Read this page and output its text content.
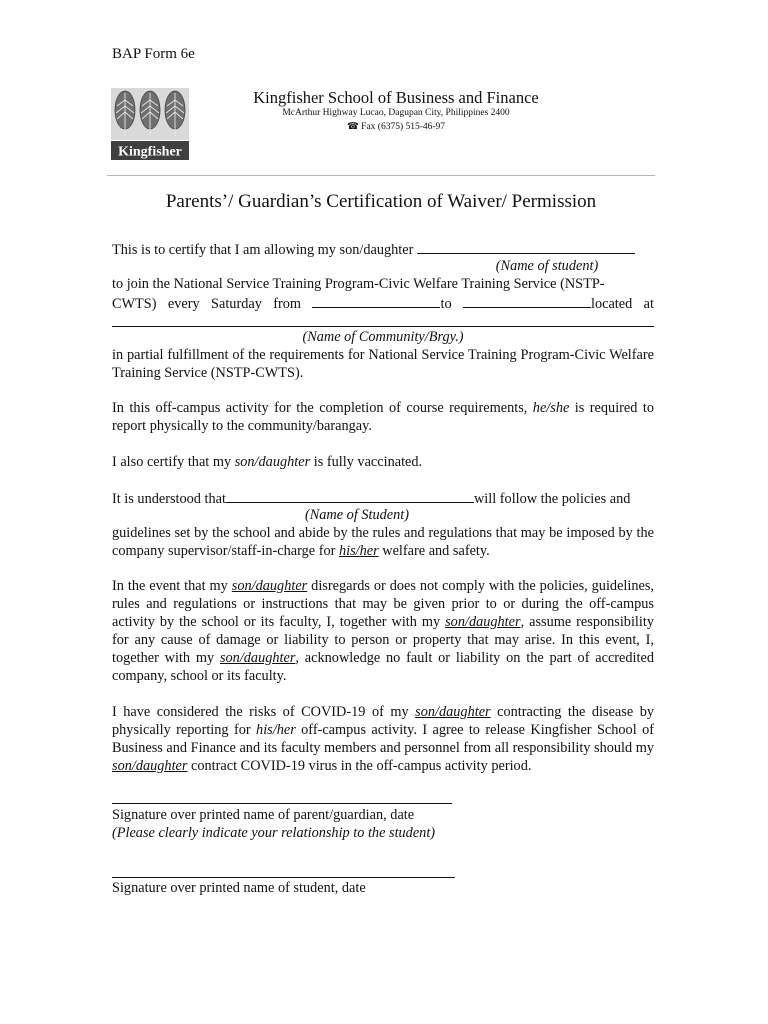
BAP Form 6e
Kingfisher
Kingfisher School of Business and Finance
McArthur Highway Lucao, Dagupan City, Philippines 2400
☎ Fax (6375) 515-46-97
Parents’/ Guardian’s Certification of Waiver/ Permission
This is to certify that I am allowing my son/daughter
(Name of student)
to join the National Service Training Program-Civic Welfare Training Service (NSTP-
CWTS) every Saturday from	to	located at
(Name of Community/Brgy.)
in partial fulfillment of the requirements for National Service Training Program-Civic Welfare Training Service (NSTP-CWTS).
In this off-campus activity for the completion of course requirements, he/she is required to report physically to the community/barangay.
I also certify that my son/daughter is fully vaccinated.
It is understood that	will follow the policies and
(Name of Student)
guidelines set by the school and abide by the rules and regulations that may be imposed by the company supervisor/staff-in-charge for his/her welfare and safety.
In the event that my son/daughter disregards or does not comply with the policies, guidelines, rules and regulations or instructions that may be given prior to or during the off-campus activity by the school or its faculty, I, together with my son/daughter, assume responsibility for any cause of damage or liability to person or property that may arise. In this event, I, together with my son/daughter, acknowledge no fault or liability on the part of accredited company, school or its faculty.
I have considered the risks of COVID-19 of my son/daughter contracting the disease by physically reporting for his/her off-campus activity. I agree to release Kingfisher School of Business and Finance and its faculty members and personnel from all responsibility should my son/daughter contract COVID-19 virus in the off-campus activity period.
Signature over printed name of parent/guardian, date
(Please clearly indicate your relationship to the student)
Signature over printed name of student, date
